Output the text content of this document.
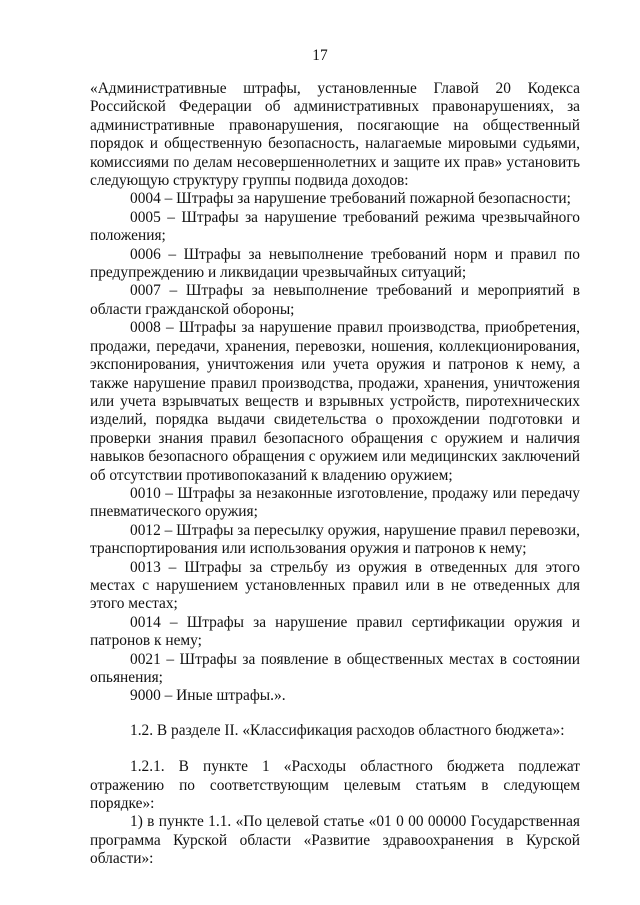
17

«Административные штрафы, установленные Главой 20 Кодекса Российской Федерации об административных правонарушениях, за административные правонарушения, посягающие на общественный порядок и общественную безопасность, налагаемые мировыми судьями, комиссиями по делам несовершеннолетних и защите их прав» установить следующую структуру группы подвида доходов:

0004 – Штрафы за нарушение требований пожарной безопасности;

0005 – Штрафы за нарушение требований режима чрезвычайного положения;

0006 – Штрафы за невыполнение требований норм и правил по предупреждению и ликвидации чрезвычайных ситуаций;

0007 – Штрафы за невыполнение требований и мероприятий в области гражданской обороны;

0008 – Штрафы за нарушение правил производства, приобретения, продажи, передачи, хранения, перевозки, ношения, коллекционирования, экспонирования, уничтожения или учета оружия и патронов к нему, а также нарушение правил производства, продажи, хранения, уничтожения или учета взрывчатых веществ и взрывных устройств, пиротехнических изделий, порядка выдачи свидетельства о прохождении подготовки и проверки знания правил безопасного обращения с оружием и наличия навыков безопасного обращения с оружием или медицинских заключений об отсутствии противопоказаний к владению оружием;

0010 – Штрафы за незаконные изготовление, продажу или передачу пневматического оружия;

0012 – Штрафы за пересылку оружия, нарушение правил перевозки, транспортирования или использования оружия и патронов к нему;

0013 – Штрафы за стрельбу из оружия в отведенных для этого местах с нарушением установленных правил или в не отведенных для этого местах;

0014 – Штрафы за нарушение правил сертификации оружия и патронов к нему;

0021 – Штрафы за появление в общественных местах в состоянии опьянения;

9000 – Иные штрафы.».

1.2. В разделе II. «Классификация расходов областного бюджета»:

1.2.1. В пункте 1 «Расходы областного бюджета подлежат отражению по соответствующим целевым статьям в следующем порядке»:

1) в пункте 1.1. «По целевой статье «01 0 00 00000 Государственная программа Курской области «Развитие здравоохранения в Курской области»:
